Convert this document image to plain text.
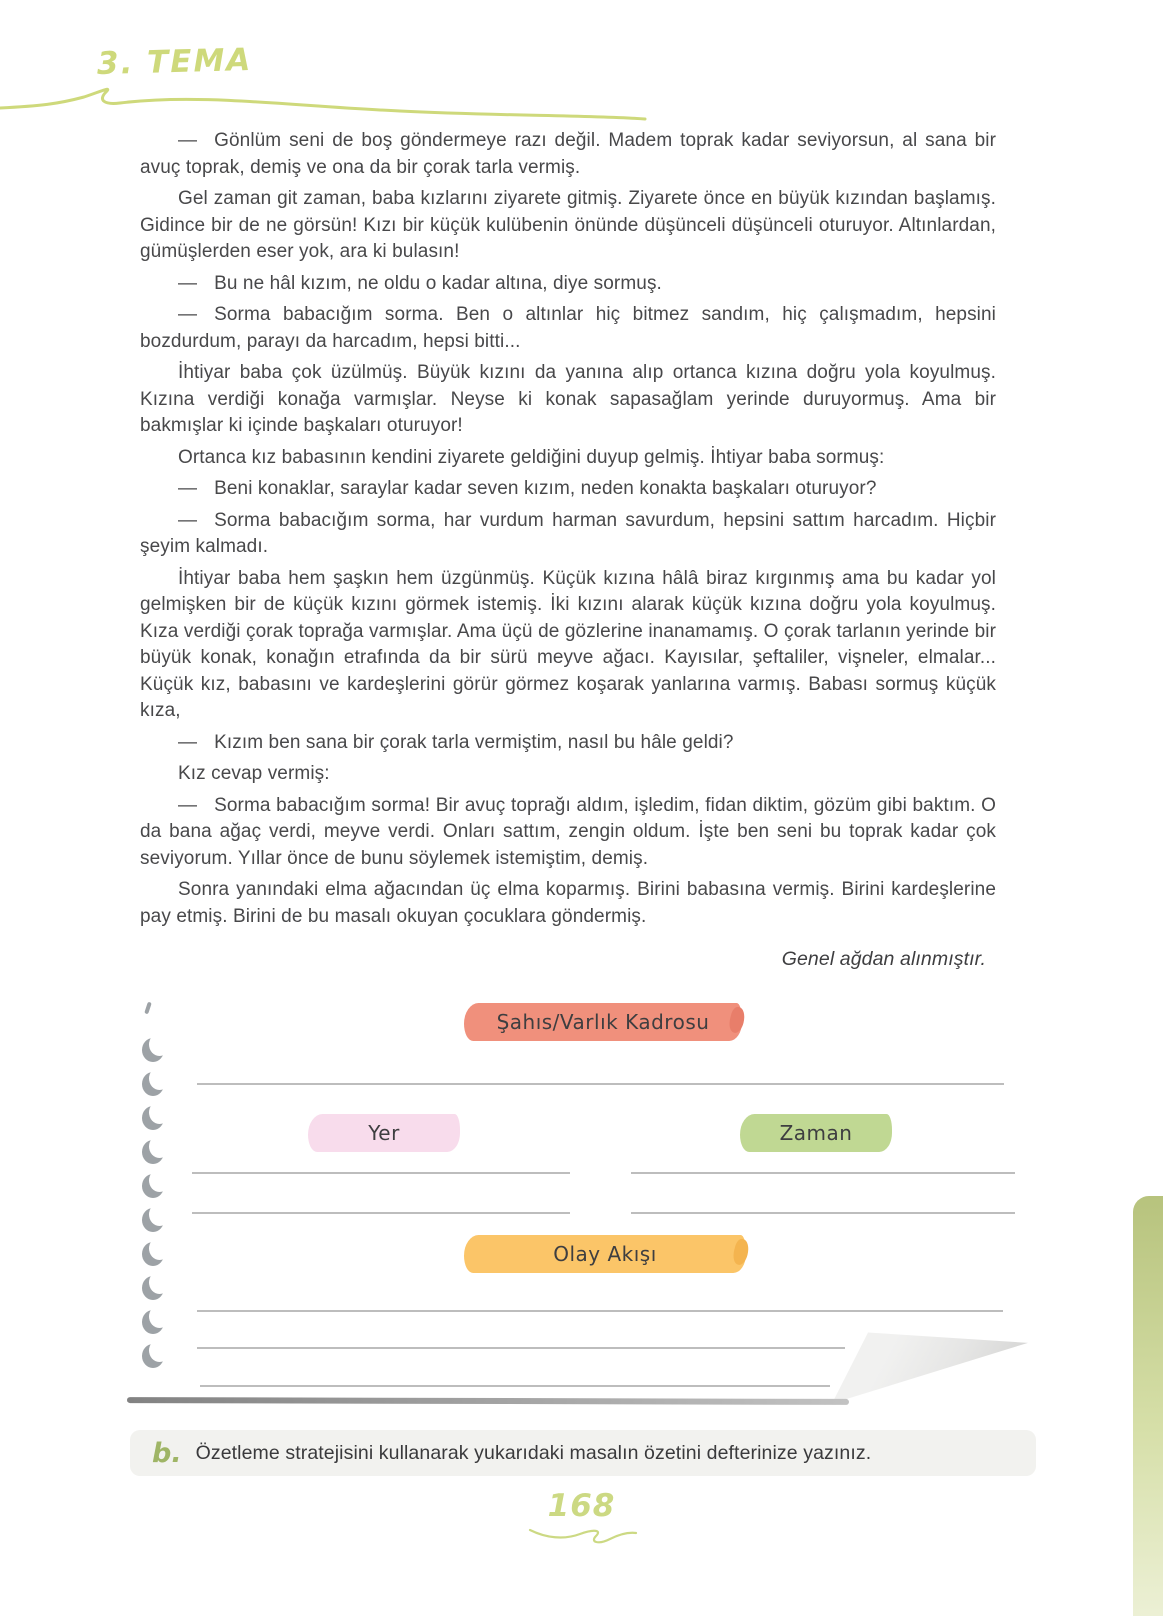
3. TEMA

— Gönlüm seni de boş göndermeye razı değil. Madem toprak kadar seviyorsun, al sana bir avuç toprak, demiş ve ona da bir çorak tarla vermiş.

Gel zaman git zaman, baba kızlarını ziyarete gitmiş. Ziyarete önce en büyük kızından başlamış. Gidince bir de ne görsün! Kızı bir küçük kulübenin önünde düşünceli düşünceli oturuyor. Altınlardan, gümüşlerden eser yok, ara ki bulasın!

— Bu ne hâl kızım, ne oldu o kadar altına, diye sormuş.

— Sorma babacığım sorma. Ben o altınlar hiç bitmez sandım, hiç çalışmadım, hepsini bozdurdum, parayı da harcadım, hepsi bitti...

İhtiyar baba çok üzülmüş. Büyük kızını da yanına alıp ortanca kızına doğru yola koyulmuş. Kızına verdiği konağa varmışlar. Neyse ki konak sapasağlam yerinde duruyormuş. Ama bir bakmışlar ki içinde başkaları oturuyor!

Ortanca kız babasının kendini ziyarete geldiğini duyup gelmiş. İhtiyar baba sormuş:

— Beni konaklar, saraylar kadar seven kızım, neden konakta başkaları oturuyor?

— Sorma babacığım sorma, har vurdum harman savurdum, hepsini sattım harcadım. Hiçbir şeyim kalmadı.

İhtiyar baba hem şaşkın hem üzgünmüş. Küçük kızına hâlâ biraz kırgınmış ama bu kadar yol gelmişken bir de küçük kızını görmek istemiş. İki kızını alarak küçük kızına doğru yola koyulmuş. Kıza verdiği çorak toprağa varmışlar. Ama üçü de gözlerine inanamamış. O çorak tarlanın yerinde bir büyük konak, konağın etrafında da bir sürü meyve ağacı. Kayısılar, şeftaliler, vişneler, elmalar... Küçük kız, babasını ve kardeşlerini görür görmez koşarak yanlarına varmış. Babası sormuş küçük kıza,

— Kızım ben sana bir çorak tarla vermiştim, nasıl bu hâle geldi?

Kız cevap vermiş:

— Sorma babacığım sorma! Bir avuç toprağı aldım, işledim, fidan diktim, gözüm gibi baktım. O da bana ağaç verdi, meyve verdi. Onları sattım, zengin oldum. İşte ben seni bu toprak kadar çok seviyorum. Yıllar önce de bunu söylemek istemiştim, demiş.

Sonra yanındaki elma ağacından üç elma koparmış. Birini babasına vermiş. Birini kardeşlerine pay etmiş. Birini de bu masalı okuyan çocuklara göndermiş.

Genel ağdan alınmıştır.
Şahıs/Varlık Kadrosu
Yer	Zaman
Olay Akışı
b. Özetleme stratejisini kullanarak yukarıdaki masalın özetini defterinize yazınız.
168
